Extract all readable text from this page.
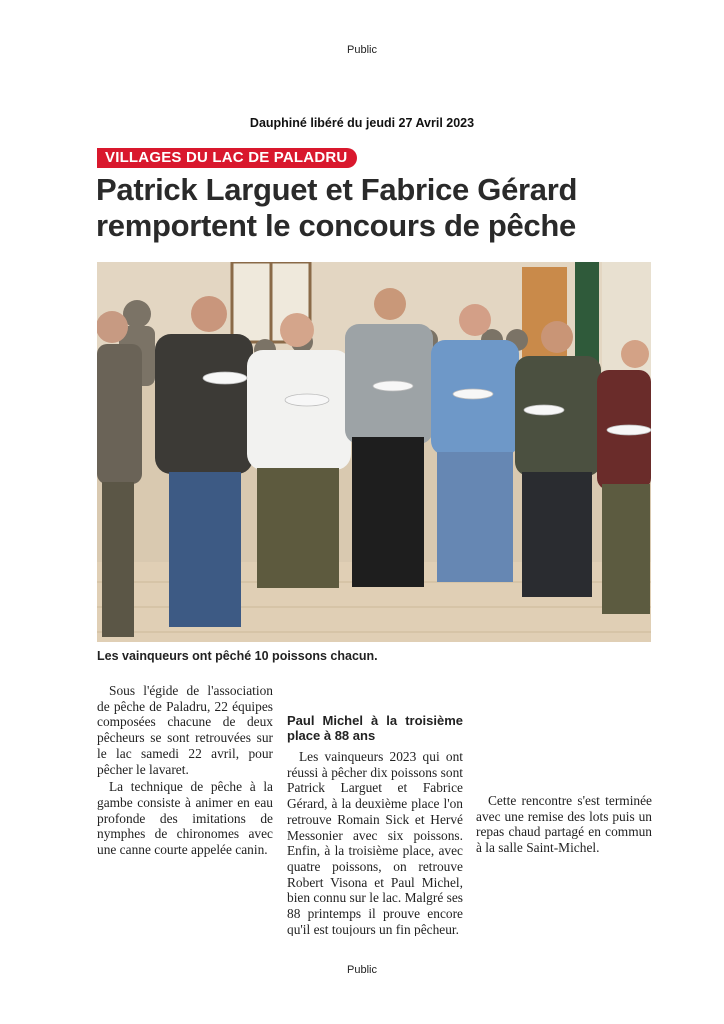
Public
Dauphiné libéré du jeudi 27 Avril 2023
VILLAGES DU LAC DE PALADRU
Patrick Larguet et Fabrice Gérard remportent le concours de pêche
Les vainqueurs ont pêché 10 poissons chacun.

Sous l'égide de l'association de pêche de Paladru, 22 équipes composées chacune de deux pêcheurs se sont retrouvées sur le lac samedi 22 avril, pour pêcher le lavaret.

La technique de pêche à la gambe consiste à animer en eau profonde des imitations de nymphes de chironomes avec une canne courte appelée canin.

Paul Michel à la troisième place à 88 ans

Les vainqueurs 2023 qui ont réussi à pêcher dix poissons sont Patrick Larguet et Fabrice Gérard, à la deuxième place l'on retrouve Romain Sick et Hervé Messonier avec six poissons. Enfin, à la troisième place, avec quatre poissons, on retrouve Robert Visona et Paul Michel, bien connu sur le lac. Malgré ses 88 printemps il prouve encore qu'il est toujours un fin pêcheur.

Cette rencontre s'est terminée avec une remise des lots puis un repas chaud partagé en commun à la salle Saint-Michel.

Public
